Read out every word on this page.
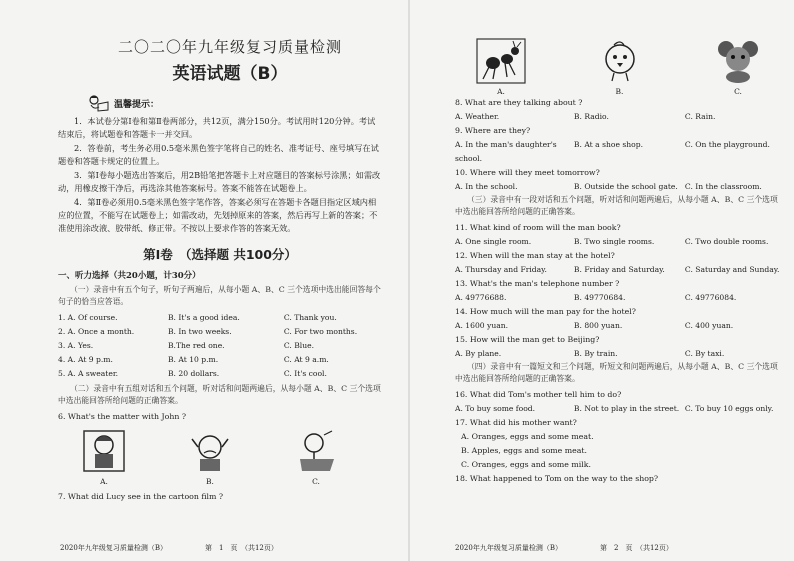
二〇二〇年九年级复习质量检测
英语试题（B）
温馨提示：

1．本试卷分第Ⅰ卷和第Ⅱ卷两部分，共12页，满分150分。考试用时120分钟。考试结束后，将试题卷和答题卡一并交回。

2．答卷前，考生务必用0.5毫米黑色签字笔将自己的姓名、准考证号、座号填写在试题卷和答题卡规定的位置上。

3．第Ⅰ卷每小题选出答案后，用2B铅笔把答题卡上对应题目的答案标号涂黑；如需改动，用橡皮擦干净后，再选涂其他答案标号。答案不能答在试题卷上。

4．第Ⅱ卷必须用0.5毫米黑色签字笔作答，答案必须写在答题卡各题目指定区域内相应的位置，不能写在试题卷上；如需改动，先划掉原来的答案，然后再写上新的答案；不准使用涂改液、胶带纸、修正带。不按以上要求作答的答案无效。

第Ⅰ卷　（选择题 共100分）
一、听力选择（共20小题，计30分）
（一）录音中有五个句子，听句子两遍后，从每小题 A、B、C 三个选项中选出能回答每个句子的恰当应答语。
1. A. Of course.	B. It's a good idea.	C. Thank you.
2. A. Once a month.	B. In two weeks.	C. For two months.
3. A. Yes.	B.The red one.	C. Blue.
4. A. At 9 p.m.	B. At 10 p.m.	C. At 9 a.m.
5. A. A sweater.	B. 20 dollars.	C. It's cool.
（二）录音中有五组对话和五个问题，听对话和问题两遍后，从每小题 A、B、C 三个选项中选出能回答所给问题的正确答案。
6. What's the matter with John ?
A.	B.	C.
7. What did Lucy see in the cartoon film ?
2020年九年级复习质量检测（B）	第　1　页　（共12页）
A.	B.	C.
8. What are they talking about ?
A. Weather.	B. Radio.	C. Rain.
9. Where are they?
A. In the man's daughter's school.
B. At a shoe shop.	C. On the playground.
10. Where will they meet tomorrow?
A. In the school.	B. Outside the school gate. C. In the classroom.
（三）录音中有一段对话和五个问题，听对话和问题两遍后，从每小题 A、B、C 三个选项中选出能回答所给问题的正确答案。
11. What kind of room will the man book?
A. One single room.	B. Two single rooms.	C. Two double rooms.
12. When will the man stay at the hotel?
A. Thursday and Friday.	B. Friday and Saturday.	C. Saturday and Sunday.
13. What's the man's telephone number ?
A. 49776688.	B. 49770684.	C. 49776084.
14. How much will the man pay for the hotel?
A. 1600 yuan.	B. 800 yuan.	C. 400 yuan.
15. How will the man get to Beijing?
A. By plane.	B. By train.	C. By taxi.
（四）录音中有一篇短文和三个问题，听短文和问题两遍后，从每小题 A、B、C 三个选项中选出能回答所给问题的正确答案。
16. What did Tom's mother tell him to do?
A. To buy some food.	B. Not to play in the street. C. To buy 10 eggs only.
17. What did his mother want?
A. Oranges, eggs and some meat.
B. Apples, eggs and some meat.
C. Oranges, eggs and some milk.
18. What happened to Tom on the way to the shop?
2020年九年级复习质量检测（B）	第　2　页　（共12页）
